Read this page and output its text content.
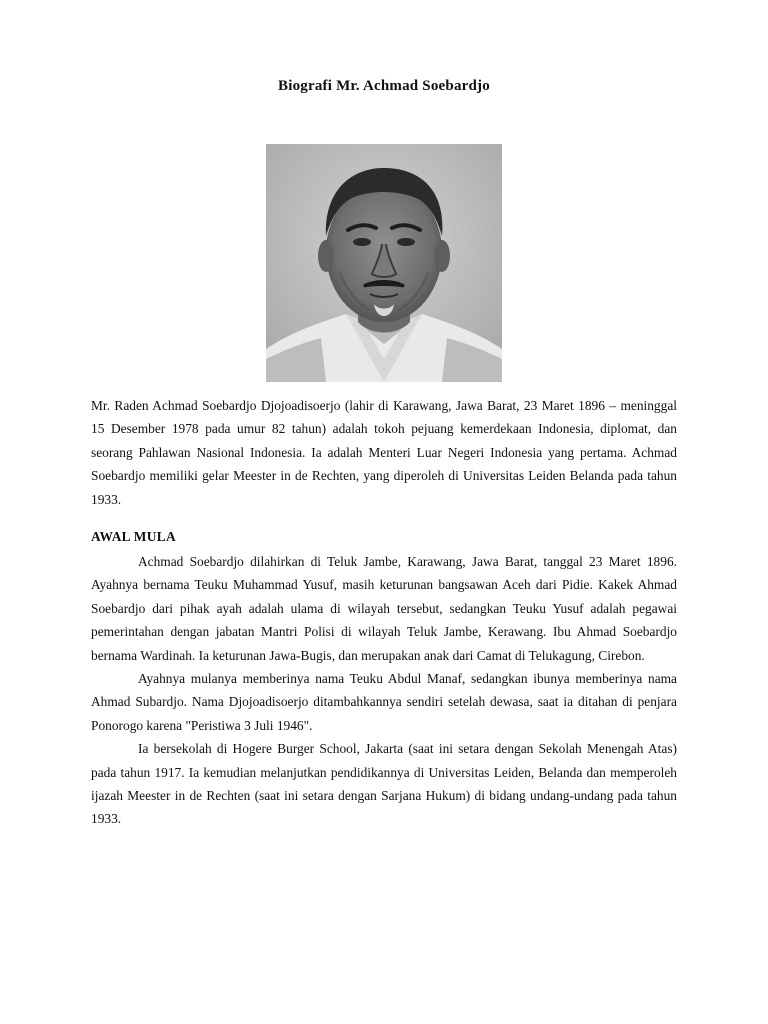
Biografi Mr. Achmad Soebardjo

Mr. Raden Achmad Soebardjo Djojoadisoerjo (lahir di Karawang, Jawa Barat, 23 Maret 1896 – meninggal 15 Desember 1978 pada umur 82 tahun) adalah tokoh pejuang kemerdekaan Indonesia, diplomat, dan seorang Pahlawan Nasional Indonesia. Ia adalah Menteri Luar Negeri Indonesia yang pertama. Achmad Soebardjo memiliki gelar Meester in de Rechten, yang diperoleh di Universitas Leiden Belanda pada tahun 1933.

AWAL MULA

Achmad Soebardjo dilahirkan di Teluk Jambe, Karawang, Jawa Barat, tanggal 23 Maret 1896. Ayahnya bernama Teuku Muhammad Yusuf, masih keturunan bangsawan Aceh dari Pidie. Kakek Ahmad Soebardjo dari pihak ayah adalah ulama di wilayah tersebut, sedangkan Teuku Yusuf adalah pegawai pemerintahan dengan jabatan Mantri Polisi di wilayah Teluk Jambe, Kerawang. Ibu Ahmad Soebardjo bernama Wardinah. Ia keturunan Jawa-Bugis, dan merupakan anak dari Camat di Telukagung, Cirebon.

Ayahnya mulanya memberinya nama Teuku Abdul Manaf, sedangkan ibunya memberinya nama Ahmad Subardjo. Nama Djojoadisoerjo ditambahkannya sendiri setelah dewasa, saat ia ditahan di penjara Ponorogo karena "Peristiwa 3 Juli 1946".

Ia bersekolah di Hogere Burger School, Jakarta (saat ini setara dengan Sekolah Menengah Atas) pada tahun 1917. Ia kemudian melanjutkan pendidikannya di Universitas Leiden, Belanda dan memperoleh ijazah Meester in de Rechten (saat ini setara dengan Sarjana Hukum) di bidang undang-undang pada tahun 1933.
